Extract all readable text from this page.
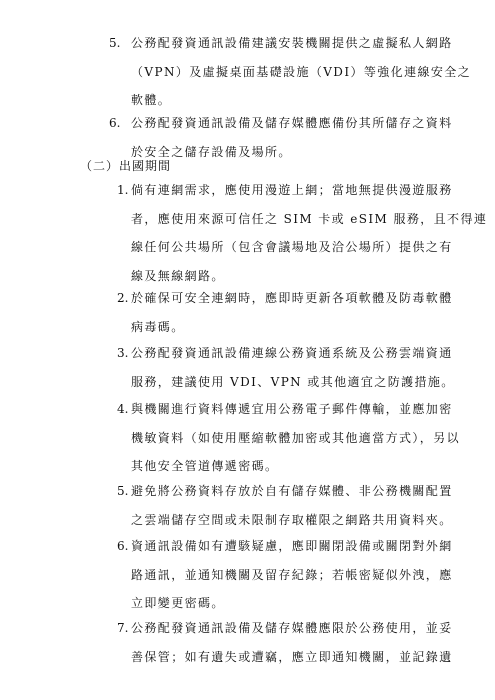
5. 公務配發資通訊設備建議安裝機關提供之虛擬私人網路
（VPN）及虛擬桌面基礎設施（VDI）等強化連線安全之
軟體。
6. 公務配發資通訊設備及儲存媒體應備份其所儲存之資料
於安全之儲存設備及場所。
（二）出國期間
1. 倘有連網需求，應使用漫遊上網；當地無提供漫遊服務
者，應使用來源可信任之 SIM 卡或 eSIM 服務，且不得連
線任何公共場所（包含會議場地及洽公場所）提供之有
線及無線網路。
2. 於確保可安全連網時，應即時更新各項軟體及防毒軟體
病毒碼。
3. 公務配發資通訊設備連線公務資通系統及公務雲端資通
服務，建議使用 VDI、VPN 或其他適宜之防護措施。
4. 與機關進行資料傳遞宜用公務電子郵件傳輸，並應加密
機敏資料（如使用壓縮軟體加密或其他適當方式），另以
其他安全管道傳遞密碼。
5. 避免將公務資料存放於自有儲存媒體、非公務機關配置
之雲端儲存空間或未限制存取權限之網路共用資料夾。
6. 資通訊設備如有遭駭疑慮，應即關閉設備或關閉對外網
路通訊，並通知機關及留存紀錄；若帳密疑似外洩，應
立即變更密碼。
7. 公務配發資通訊設備及儲存媒體應限於公務使用，並妥
善保管；如有遺失或遭竊，應立即通知機關，並記錄遺
